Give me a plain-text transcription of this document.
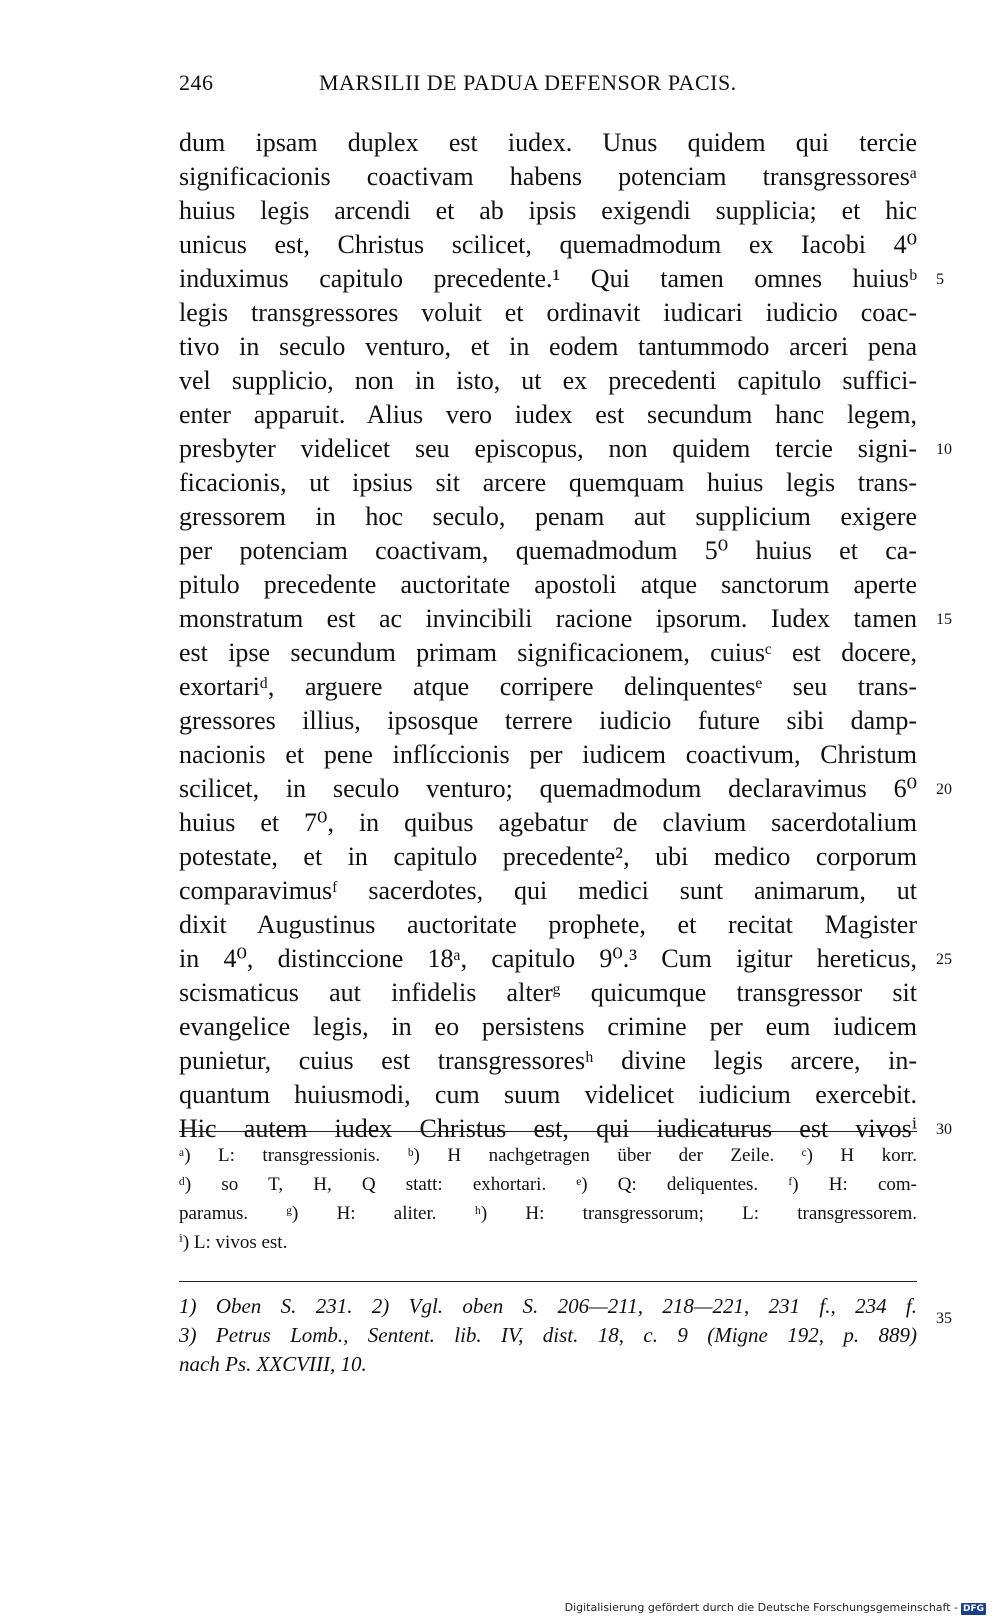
246	MARSILII DE PADUA DEFENSOR PACIS.
dum ipsam duplex est iudex. Unus quidem qui tercie
significacionis coactivam habens potenciam transgressoresᵃ
huius legis arcendi et ab ipsis exigendi supplicia; et hic
unicus est, Christus scilicet, quemadmodum ex Iacobi 4⁰
induximus capitulo precedente.¹ Qui tamen omnes huiusᵇ
legis transgressores voluit et ordinavit iudicari iudicio coac-
tivo in seculo venturo, et in eodem tantummodo arceri pena
vel supplicio, non in isto, ut ex precedenti capitulo suffici-
enter apparuit. Alius vero iudex est secundum hanc legem,
presbyter videlicet seu episcopus, non quidem tercie signi-
ficacionis, ut ipsius sit arcere quemquam huius legis trans-
gressorem in hoc seculo, penam aut supplicium exigere
per potenciam coactivam, quemadmodum 5⁰ huius et ca-
pitulo precedente auctoritate apostoli atque sanctorum aperte
monstratum est ac invincibili racione ipsorum. Iudex tamen
est ipse secundum primam significacionem, cuiusᶜ est docere,
exortariᵈ, arguere atque corripere delinquentesᵉ seu trans-
gressores illius, ipsosque terrere iudicio future sibi damp-
nacionis et pene inflíccionis per iudicem coactivum, Christum
scilicet, in seculo venturo; quemadmodum declaravimus 6⁰
huius et 7⁰, in quibus agebatur de clavium sacerdotalium
potestate, et in capitulo precedente², ubi medico corporum
comparavimusᶠ sacerdotes, qui medici sunt animarum, ut
dixit Augustinus auctoritate prophete, et recitat Magister
in 4⁰, distinccione 18ᵃ, capitulo 9⁰.³ Cum igitur hereticus,
scismaticus aut infidelis alterᵍ quicumque transgressor sit
evangelice legis, in eo persistens crimine per eum iudicem
punietur, cuius est transgressoresʰ divine legis arcere, in-
quantum huiusmodi, cum suum videlicet iudicium exercebit.
Hic autem iudex Christus est, qui iudicaturus est vivosⁱ
5
10
15
20
25
30
35
ᵃ) L: transgressionis. ᵇ) H nachgetragen über der Zeile. ᶜ) H korr.
ᵈ) so T, H, Q statt: exhortari. ᵉ) Q: deliquentes. ᶠ) H: com-
paramus. ᵍ) H: aliter. ʰ) H: transgressorum; L: transgressorem.
ⁱ) L: vivos est.
1) Oben S. 231. 2) Vgl. oben S. 206—211, 218—221, 231 f., 234 f.
3) Petrus Lomb., Sentent. lib. IV, dist. 18, c. 9 (Migne 192, p. 889)
nach Ps. XXCVIII, 10.
Digitalisierung gefördert durch die Deutsche Forschungsgemeinschaft - DFG
